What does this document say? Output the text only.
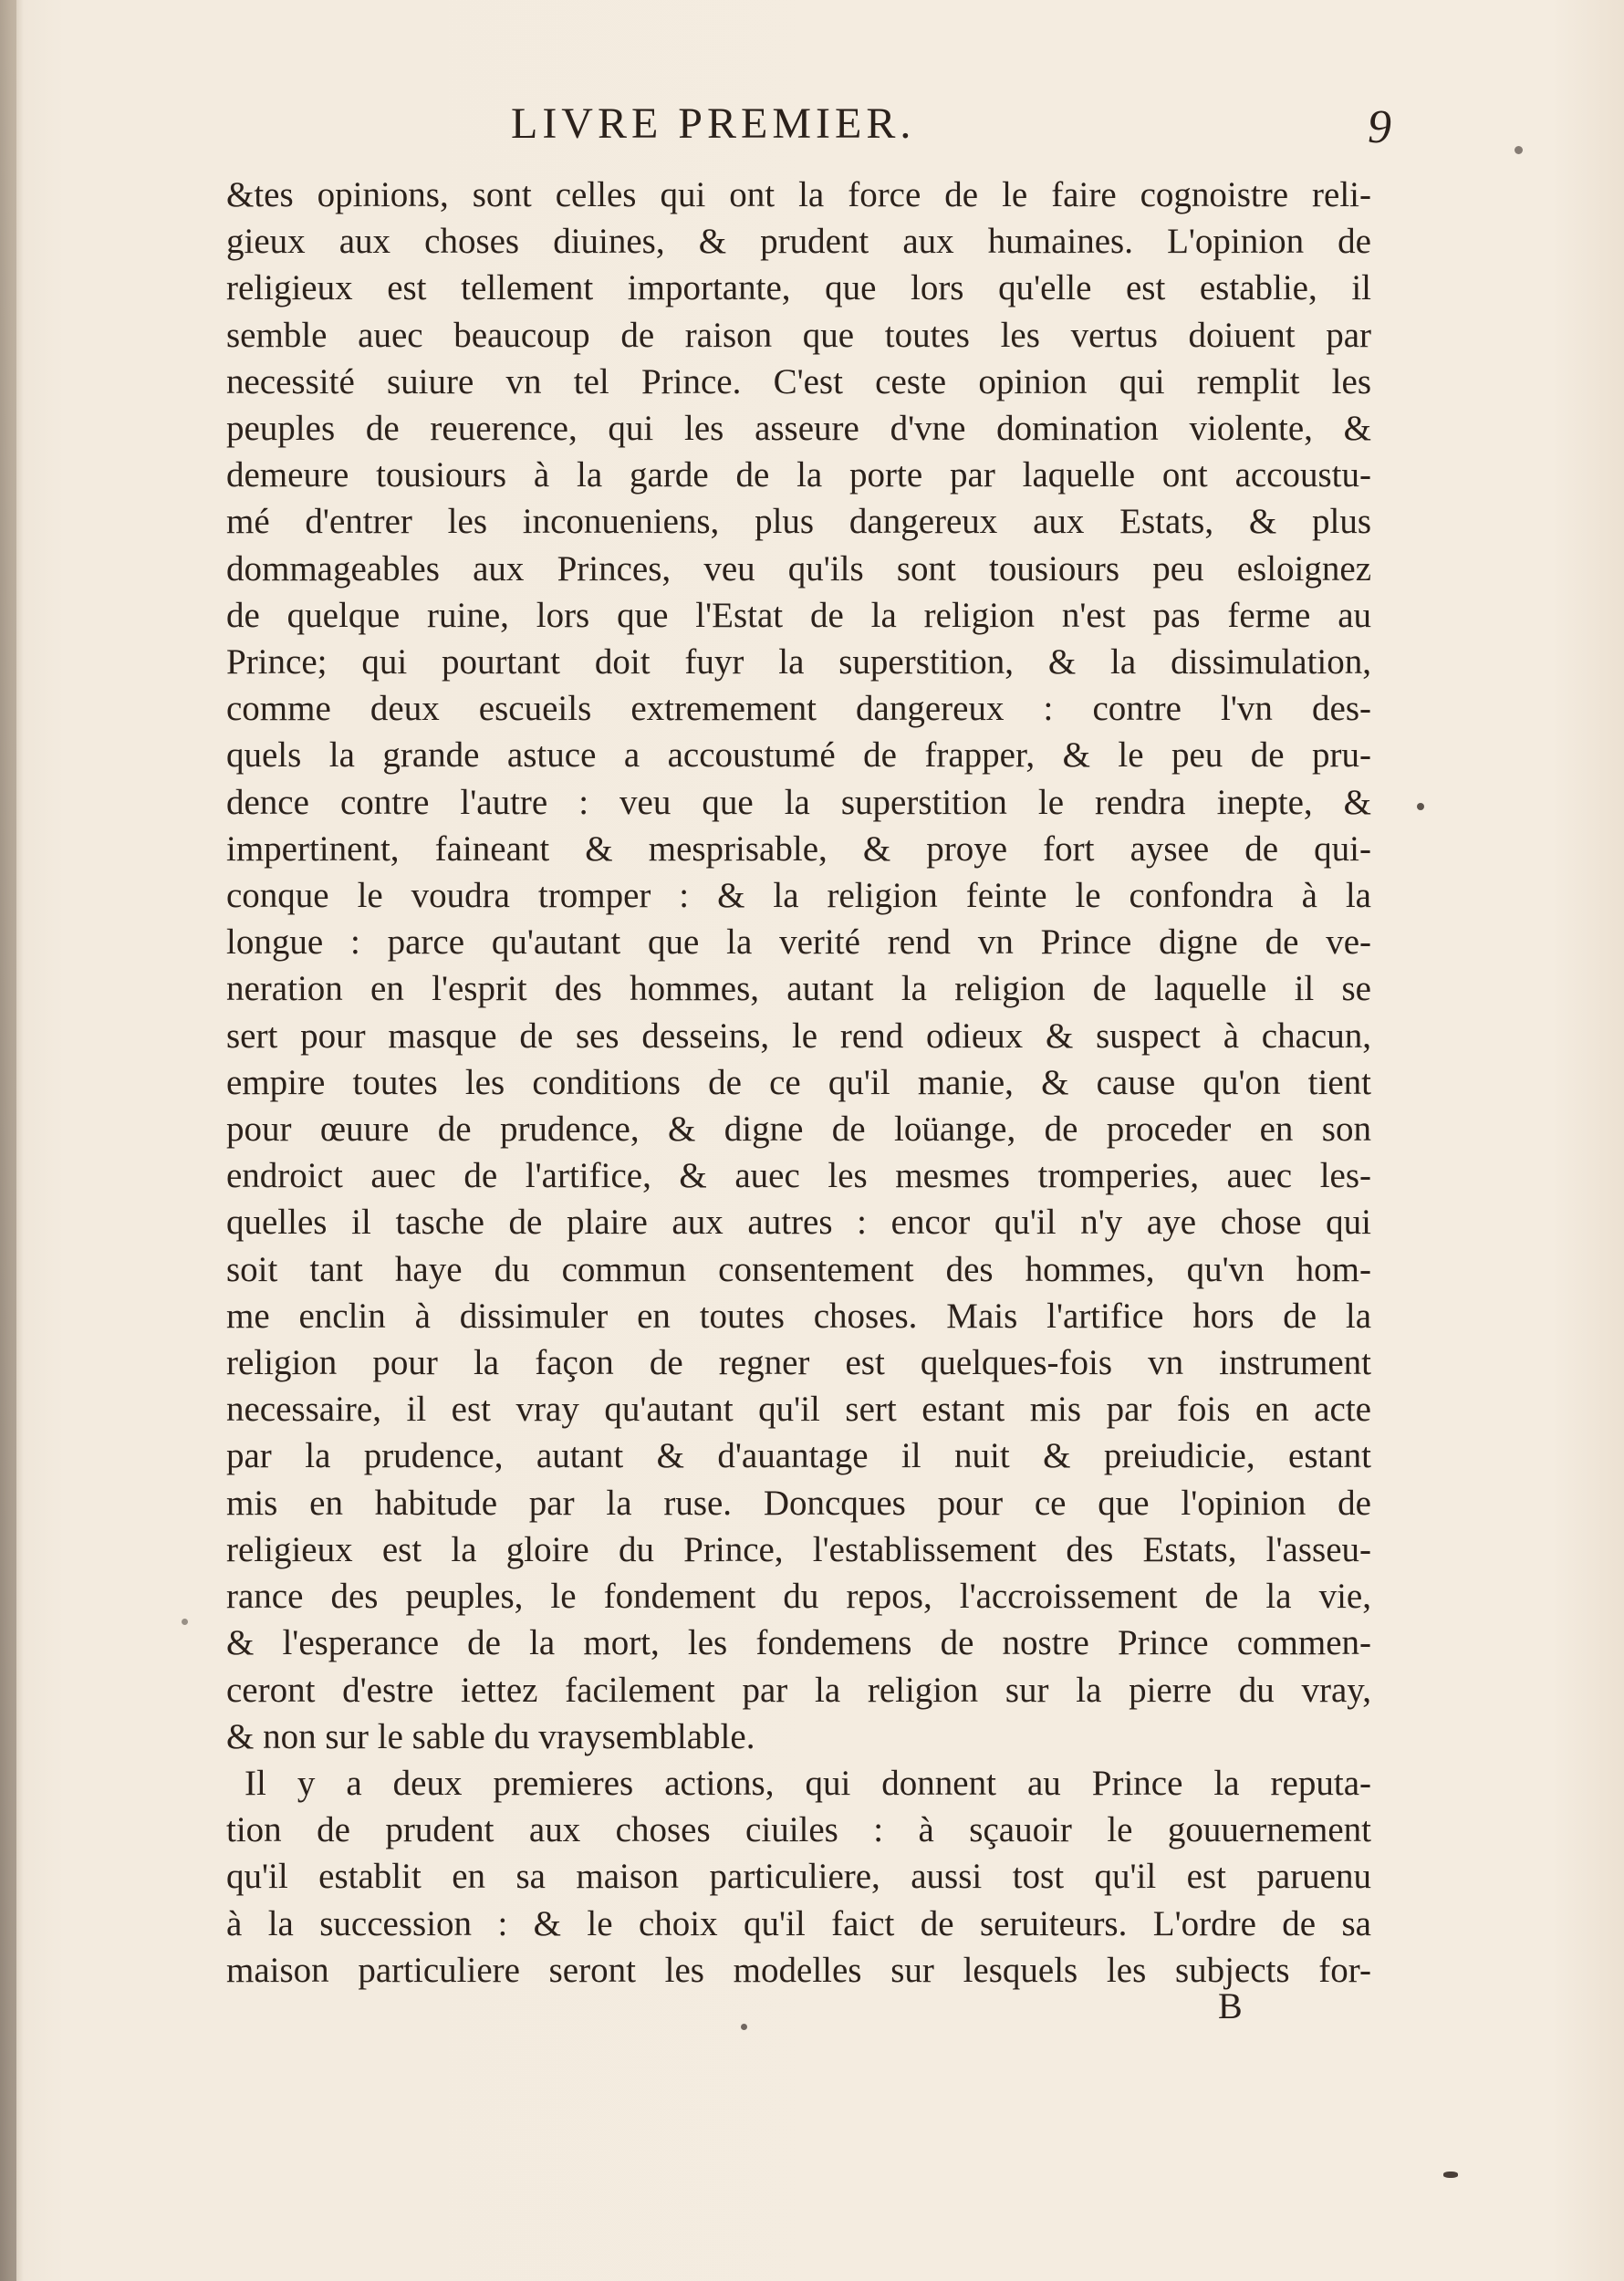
LIVRE PREMIER.	9
&tes opinions, sont celles qui ont la force de le faire cognoistre reli-
gieux aux choses diuines, & prudent aux humaines. L'opinion de
religieux est tellement importante, que lors qu'elle est establie, il
semble auec beaucoup de raison que toutes les vertus doiuent par
necessité suiure vn tel Prince. C'est ceste opinion qui remplit les
peuples de reuerence, qui les asseure d'vne domination violente, &
demeure tousiours à la garde de la porte par laquelle ont accoustu-
mé d'entrer les inconueniens, plus dangereux aux Estats, & plus
dommageables aux Princes, veu qu'ils sont tousiours peu esloignez
de quelque ruine, lors que l'Estat de la religion n'est pas ferme au
Prince; qui pourtant doit fuyr la superstition, & la dissimulation,
comme deux escueils extremement dangereux : contre l'vn des-
quels la grande astuce a accoustumé de frapper, & le peu de pru-
dence contre l'autre : veu que la superstition le rendra inepte, &
impertinent, faineant & mesprisable, & proye fort aysee de qui-
conque le voudra tromper : & la religion feinte le confondra à la
longue : parce qu'autant que la verité rend vn Prince digne de ve-
neration en l'esprit des hommes, autant la religion de laquelle il se
sert pour masque de ses desseins, le rend odieux & suspect à chacun,
empire toutes les conditions de ce qu'il manie, & cause qu'on tient
pour œuure de prudence, & digne de loüange, de proceder en son
endroict auec de l'artifice, & auec les mesmes tromperies, auec les-
quelles il tasche de plaire aux autres : encor qu'il n'y aye chose qui
soit tant haye du commun consentement des hommes, qu'vn hom-
me enclin à dissimuler en toutes choses. Mais l'artifice hors de la
religion pour la façon de regner est quelques-fois vn instrument
necessaire, il est vray qu'autant qu'il sert estant mis par fois en acte
par la prudence, autant & d'auantage il nuit & preiudicie, estant
mis en habitude par la ruse. Doncques pour ce que l'opinion de
religieux est la gloire du Prince, l'establissement des Estats, l'asseu-
rance des peuples, le fondement du repos, l'accroissement de la vie,
& l'esperance de la mort, les fondemens de nostre Prince commen-
ceront d'estre iettez facilement par la religion sur la pierre du vray,
& non sur le sable du vraysemblable.
Il y a deux premieres actions, qui donnent au Prince la reputa-
tion de prudent aux choses ciuiles : à sçauoir le gouuernement
qu'il establit en sa maison particuliere, aussi tost qu'il est paruenu
à la succession : & le choix qu'il faict de seruiteurs. L'ordre de sa
maison particuliere seront les modelles sur lesquels les subjects for-
B
